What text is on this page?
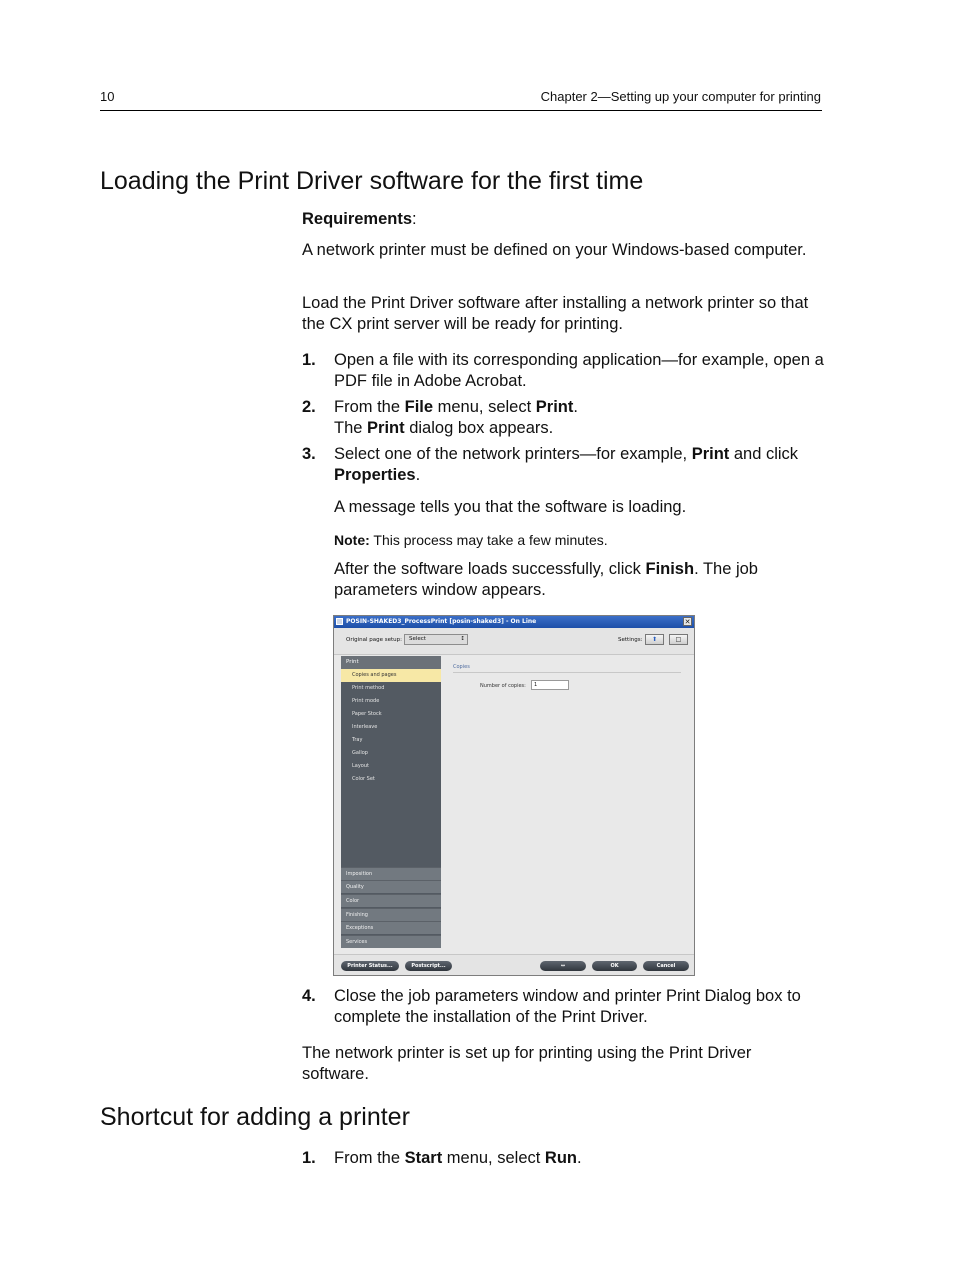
10	Chapter 2—Setting up your computer for printing
Loading the Print Driver software for the first time
Requirements:
A network printer must be defined on your Windows-based computer.
Load the Print Driver software after installing a network printer so that the CX print server will be ready for printing.
1. Open a file with its corresponding application—for example, open a PDF file in Adobe Acrobat.
2. From the File menu, select Print.
The Print dialog box appears.
3. Select one of the network printers—for example, Print and click Properties.
A message tells you that the software is loading.
Note: This process may take a few minutes.
After the software loads successfully, click Finish. The job parameters window appears.
POSIN-SHAKED3_ProcessPrint [posin-shaked3] - On Line	✕
Original page setup:	Select	↕	Settings:	⬆	□
Print
Copies and pages
Print method
Print mode
Paper Stock
Interleave
Tray
Gallop
Layout
Color Set
Imposition
Quality
Color
Finishing
Exceptions
Services
Copies
Number of copies:	1
Printer Status...	Postscript...	↔	OK	Cancel
4. Close the job parameters window and printer Print Dialog box to complete the installation of the Print Driver.
The network printer is set up for printing using the Print Driver software.
Shortcut for adding a printer
1. From the Start menu, select Run.
